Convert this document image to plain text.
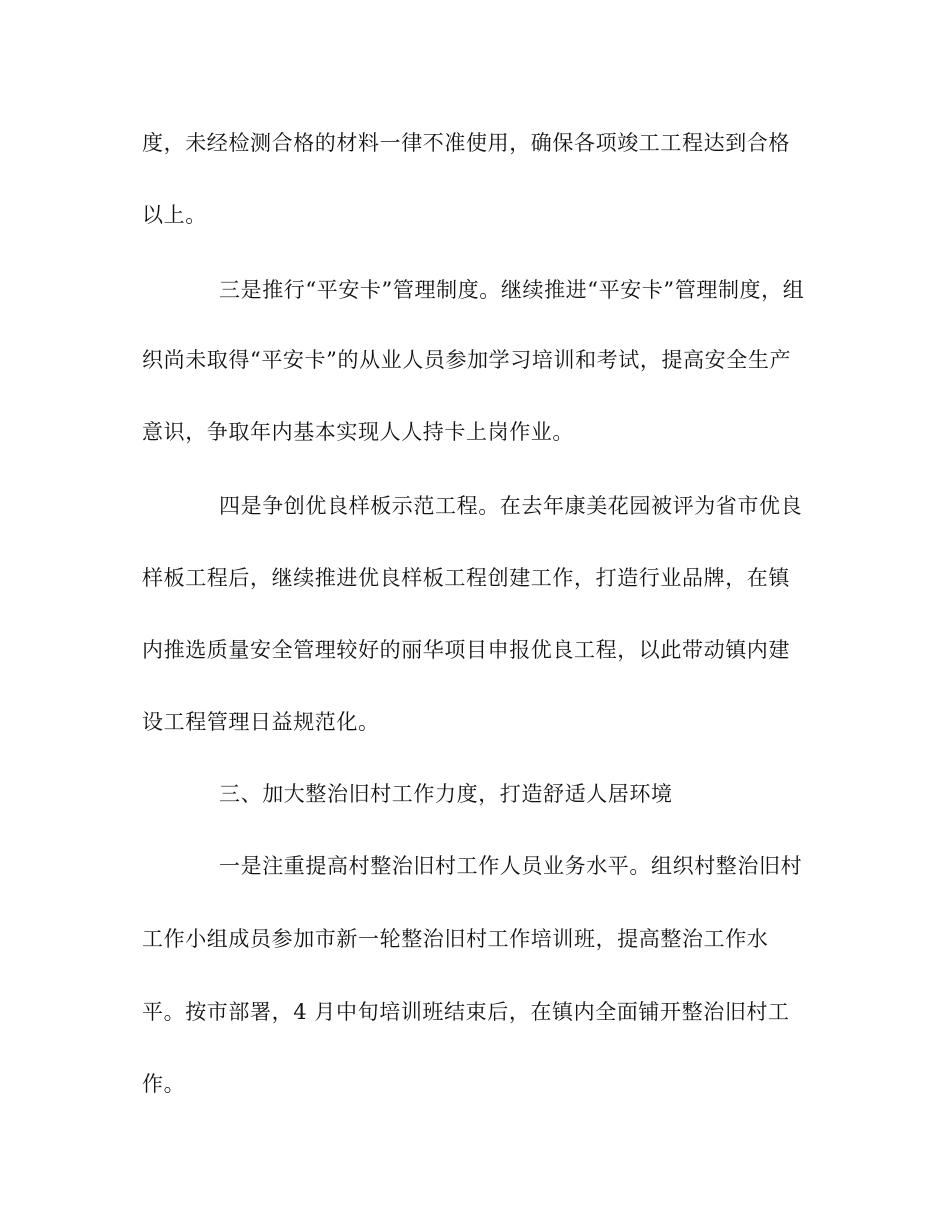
度，未经检测合格的材料一律不准使用，确保各项竣工工程达到合格
以上。
三是推行“平安卡”管理制度。继续推进“平安卡”管理制度，组
织尚未取得“平安卡”的从业人员参加学习培训和考试，提高安全生产
意识，争取年内基本实现人人持卡上岗作业。
四是争创优良样板示范工程。在去年康美花园被评为省市优良
样板工程后，继续推进优良样板工程创建工作，打造行业品牌，在镇
内推选质量安全管理较好的丽华项目申报优良工程，以此带动镇内建
设工程管理日益规范化。
三、加大整治旧村工作力度，打造舒适人居环境
一是注重提高村整治旧村工作人员业务水平。组织村整治旧村
工作小组成员参加市新一轮整治旧村工作培训班，提高整治工作水
平。按市部署，4 月中旬培训班结束后，在镇内全面铺开整治旧村工
作。
